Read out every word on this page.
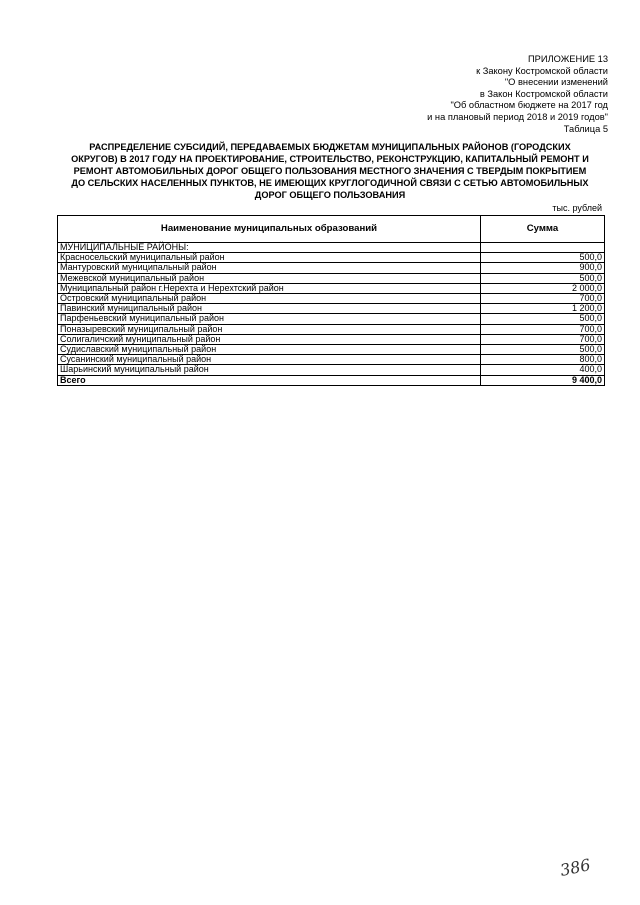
ПРИЛОЖЕНИЕ 13
к Закону Костромской области
"О внесении изменений
в Закон Костромской области
"Об областном бюджете на 2017 год
и на плановый период 2018 и 2019 годов"
Таблица 5
РАСПРЕДЕЛЕНИЕ СУБСИДИЙ, ПЕРЕДАВАЕМЫХ БЮДЖЕТАМ МУНИЦИПАЛЬНЫХ РАЙОНОВ (ГОРОДСКИХ
ОКРУГОВ) В 2017 ГОДУ НА ПРОЕКТИРОВАНИЕ, СТРОИТЕЛЬСТВО, РЕКОНСТРУКЦИЮ, КАПИТАЛЬНЫЙ РЕМОНТ И
РЕМОНТ АВТОМОБИЛЬНЫХ ДОРОГ ОБЩЕГО ПОЛЬЗОВАНИЯ МЕСТНОГО ЗНАЧЕНИЯ С ТВЕРДЫМ ПОКРЫТИЕМ
ДО СЕЛЬСКИХ НАСЕЛЕННЫХ ПУНКТОВ, НЕ ИМЕЮЩИХ КРУГЛОГОДИЧНОЙ СВЯЗИ С СЕТЬЮ АВТОМОБИЛЬНЫХ
ДОРОГ ОБЩЕГО ПОЛЬЗОВАНИЯ
тыс. рублей
Наименование муниципальных образований	Сумма
МУНИЦИПАЛЬНЫЕ РАЙОНЫ:	
Красносельский муниципальный район	500,0
Мантуровский муниципальный район	900,0
Межевской муниципальный район	500,0
Муниципальный район г.Нерехта и Нерехтский район	2 000,0
Островский муниципальный район	700,0
Павинский муниципальный район	1 200,0
Парфеньевский муниципальный район	500,0
Поназыревский муниципальный район	700,0
Солигаличский муниципальный район	700,0
Судиславский муниципальный район	500,0
Сусанинский муниципальный район	800,0
Шарьинский муниципальный район	400,0
Всего	9 400,0
386
